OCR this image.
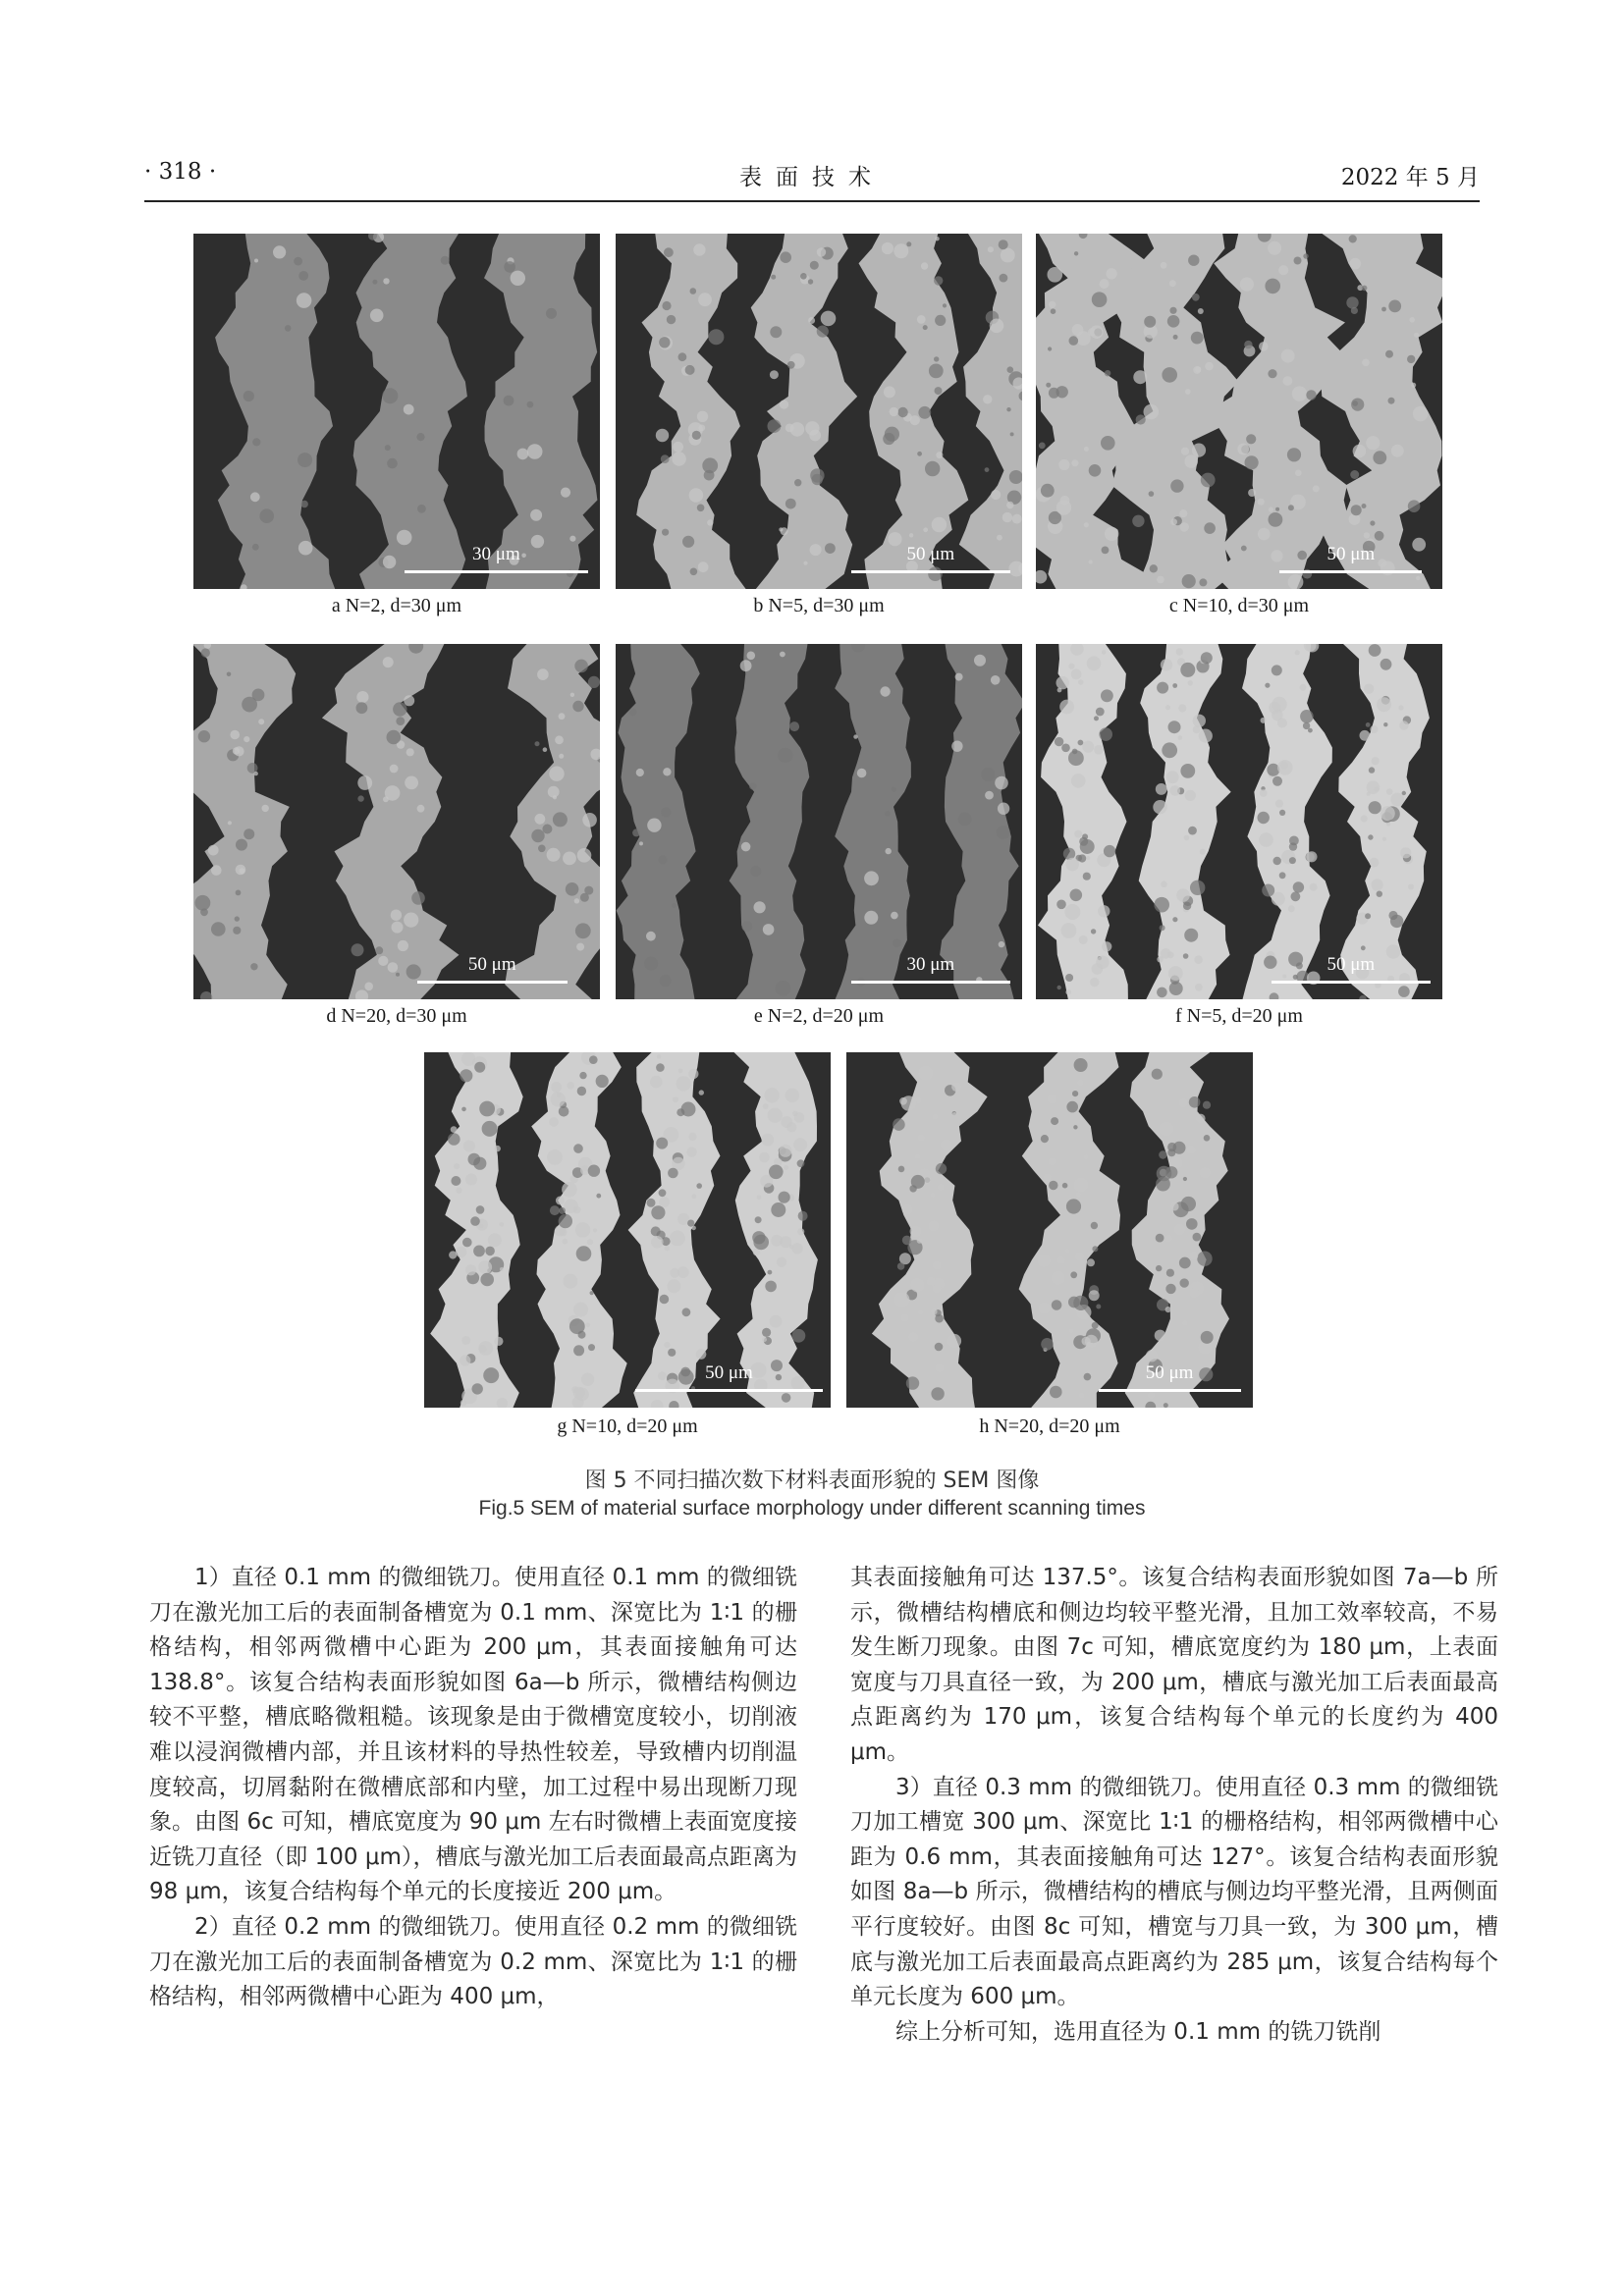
· 318 ·	表面技术	2022 年 5 月
30 μm	50 μm	50 μm
a N=2, d=30 μm	b N=5, d=30 μm	c N=10, d=30 μm
50 μm	30 μm	50 μm
d N=20, d=30 μm	e N=2, d=20 μm	f N=5, d=20 μm
50 μm	50 μm
g N=10, d=20 μm	h N=20, d=20 μm
图 5 不同扫描次数下材料表面形貌的 SEM 图像
Fig.5 SEM of material surface morphology under different scanning times

1）直径 0.1 mm 的微细铣刀。使用直径 0.1 mm 的微细铣刀在激光加工后的表面制备槽宽为 0.1 mm、深宽比为 1∶1 的栅格结构，相邻两微槽中心距为 200 μm，其表面接触角可达 138.8°。该复合结构表面形貌如图 6a—b 所示，微槽结构侧边较不平整，槽底略微粗糙。该现象是由于微槽宽度较小，切削液难以浸润微槽内部，并且该材料的导热性较差，导致槽内切削温度较高，切屑黏附在微槽底部和内壁，加工过程中易出现断刀现象。由图 6c 可知，槽底宽度为 90 μm 左右时微槽上表面宽度接近铣刀直径（即 100 μm），槽底与激光加工后表面最高点距离为 98 μm，该复合结构每个单元的长度接近 200 μm。

2）直径 0.2 mm 的微细铣刀。使用直径 0.2 mm 的微细铣刀在激光加工后的表面制备槽宽为 0.2 mm、深宽比为 1∶1 的栅格结构，相邻两微槽中心距为 400 μm，

其表面接触角可达 137.5°。该复合结构表面形貌如图 7a—b 所示，微槽结构槽底和侧边均较平整光滑，且加工效率较高，不易发生断刀现象。由图 7c 可知，槽底宽度约为 180 μm，上表面宽度与刀具直径一致，为 200 μm，槽底与激光加工后表面最高点距离约为 170 μm，该复合结构每个单元的长度约为 400 μm。

3）直径 0.3 mm 的微细铣刀。使用直径 0.3 mm 的微细铣刀加工槽宽 300 μm、深宽比 1∶1 的栅格结构，相邻两微槽中心距为 0.6 mm，其表面接触角可达 127°。该复合结构表面形貌如图 8a—b 所示，微槽结构的槽底与侧边均平整光滑，且两侧面平行度较好。由图 8c 可知，槽宽与刀具一致，为 300 μm，槽底与激光加工后表面最高点距离约为 285 μm，该复合结构每个单元长度为 600 μm。

综上分析可知，选用直径为 0.1 mm 的铣刀铣削
